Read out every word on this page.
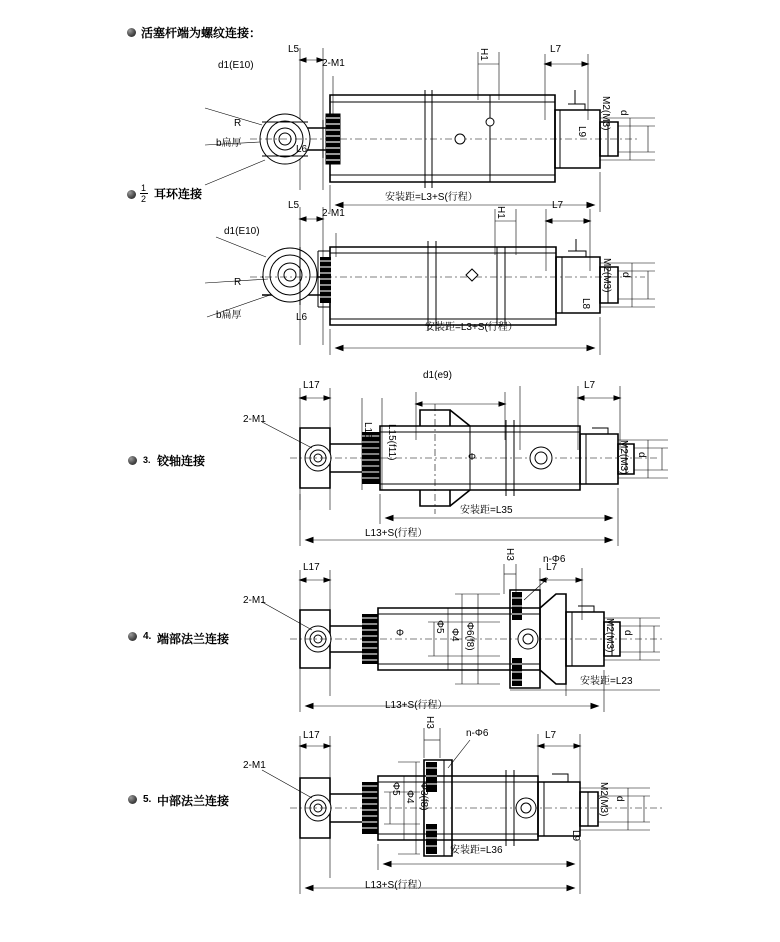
活塞杆端为螺纹连接：
d1(E10)
R
b扁厚
L5
L6
2-M1
H1	L7
L9
M2(M3) d
安装距=L3+S(行程）
1
2 耳环连接
d1(E10)
R
b扁厚
L5
L6
2-M1	H1
L7
L8
M2(M3) d
安装距=L3+S(行程）
3. 铰轴连接
L17
d1(e9)
L7
2-M1
L16 L15(f11)	Φ	M2(M3) d
安装距=L35
L13+S(行程）
4. 端部法兰连接
L17
H3	n-Φ6
L7
2-M1
Φ	Φ5
Φ4 Φ6(f8)	M2(M3) d
安装距=L23
L13+S(行程）
5. 中部法兰连接
L17
H3
n-Φ6	L7
2-M1
Φ5
Φ4 Φ3(f8)
L9
M2(M3) d
安装距=L36
L13+S(行程）
